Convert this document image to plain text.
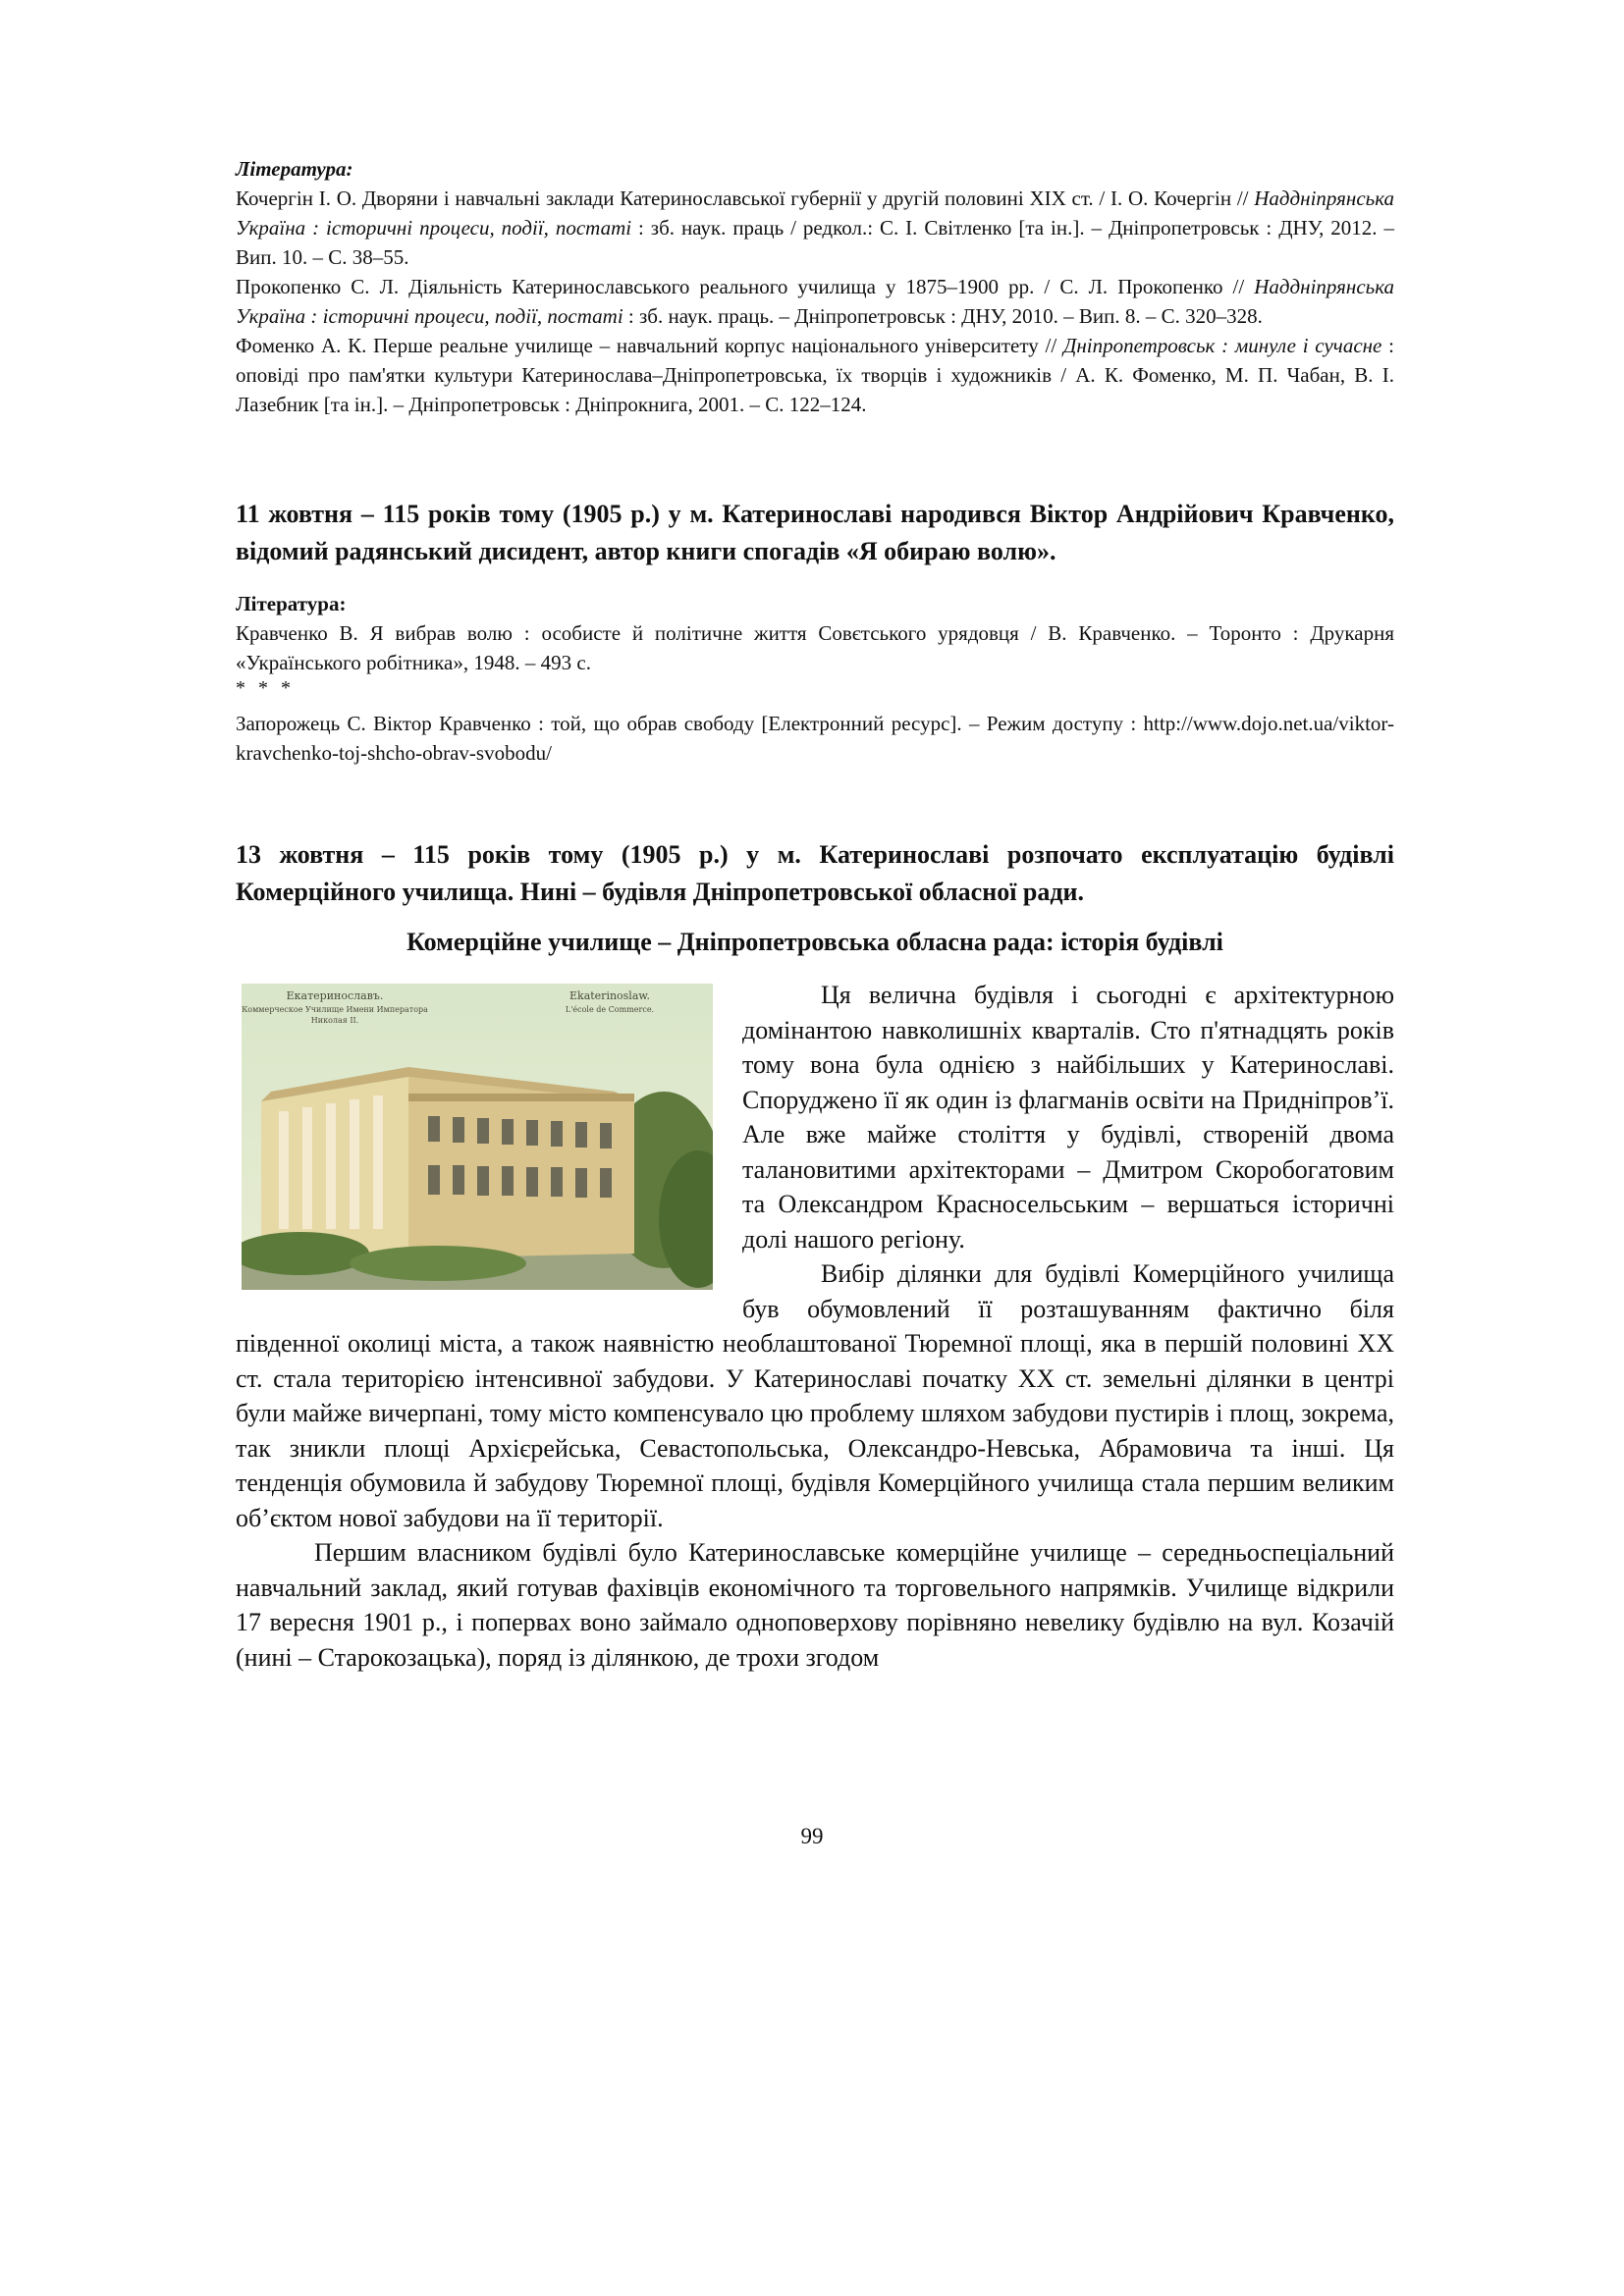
Література:

Кочергін І. О. Дворяни і навчальні заклади Катеринославської губернії у другій половині ХІХ ст. / І. О. Кочергін // Наддніпрянська Україна : історичні процеси, події, постаті : зб. наук. праць / редкол.: С. І. Світленко [та ін.]. – Дніпропетровськ : ДНУ, 2012. – Вип. 10. – С. 38–55.

Прокопенко С. Л. Діяльність Катеринославського реального училища у 1875–1900 рр. / С. Л. Прокопенко // Наддніпрянська Україна : історичні процеси, події, постаті : зб. наук. праць. – Дніпропетровськ : ДНУ, 2010. – Вип. 8. – С. 320–328.

Фоменко А. К. Перше реальне училище – навчальний корпус національного університету // Дніпропетровськ : минуле і сучасне : оповіді про пам'ятки культури Катеринослава–Дніпропетровська, їх творців і художників / А. К. Фоменко, М. П. Чабан, В. І. Лазебник [та ін.]. – Дніпропетровськ : Дніпрокнига, 2001. – С. 122–124.

11 жовтня – 115 років тому (1905 р.) у м. Катеринославі народився Віктор Андрійович Кравченко, відомий радянський дисидент, автор книги спогадів «Я обираю волю».

Література:

Кравченко В. Я вибрав волю : особисте й політичне життя Совєтського урядовця / В. Кравченко. – Торонто : Друкарня «Українського робітника», 1948. – 493 с.

* * *

Запорожець С. Віктор Кравченко : той, що обрав свободу [Електронний ресурс]. – Режим доступу : http://www.dojo.net.ua/viktor-kravchenko-toj-shcho-obrav-svobodu/

13 жовтня – 115 років тому (1905 р.) у м. Катеринославі розпочато експлуатацію будівлі Комерційного училища. Нині – будівля Дніпропетровської обласної ради.

Комерційне училище – Дніпропетровська обласна рада: історія будівлі

Екатеринославъ.
Коммерческое Училище Имени Императора
Николая II.
Ekaterinoslaw.
L'école de Commerce.

Ця велична будівля і сьогодні є архітектурною домінантою навколишніх кварталів. Сто п'ятнадцять років тому вона була однією з найбільших у Катеринославі. Споруджено її як один із флагманів освіти на Придніпров’ї. Але вже майже століття у будівлі, створеній двома талановитими архітекторами – Дмитром Скоробогатовим та Олександром Красносельським – вершаться історичні долі нашого регіону.

Вибір ділянки для будівлі Комерційного училища був обумовлений її розташуванням фактично біля південної околиці міста, а також наявністю необлаштованої Тюремної площі, яка в першій половині ХХ ст. стала територією інтенсивної забудови. У Катеринославі початку ХХ ст. земельні ділянки в центрі були майже вичерпані, тому місто компенсувало цю проблему шляхом забудови пустирів і площ, зокрема, так зникли площі Архієрейська, Севастопольська, Олександро-Невська, Абрамовича та інші. Ця тенденція обумовила й забудову Тюремної площі, будівля Комерційного училища стала першим великим об’єктом нової забудови на її території.

Першим власником будівлі було Катеринославське комерційне училище – середньоспеціальний навчальний заклад, який готував фахівців економічного та торговельного напрямків. Училище відкрили 17 вересня 1901 р., і попервах воно займало одноповерхову порівняно невелику будівлю на вул. Козачій (нині – Старокозацька), поряд із ділянкою, де трохи згодом

99
